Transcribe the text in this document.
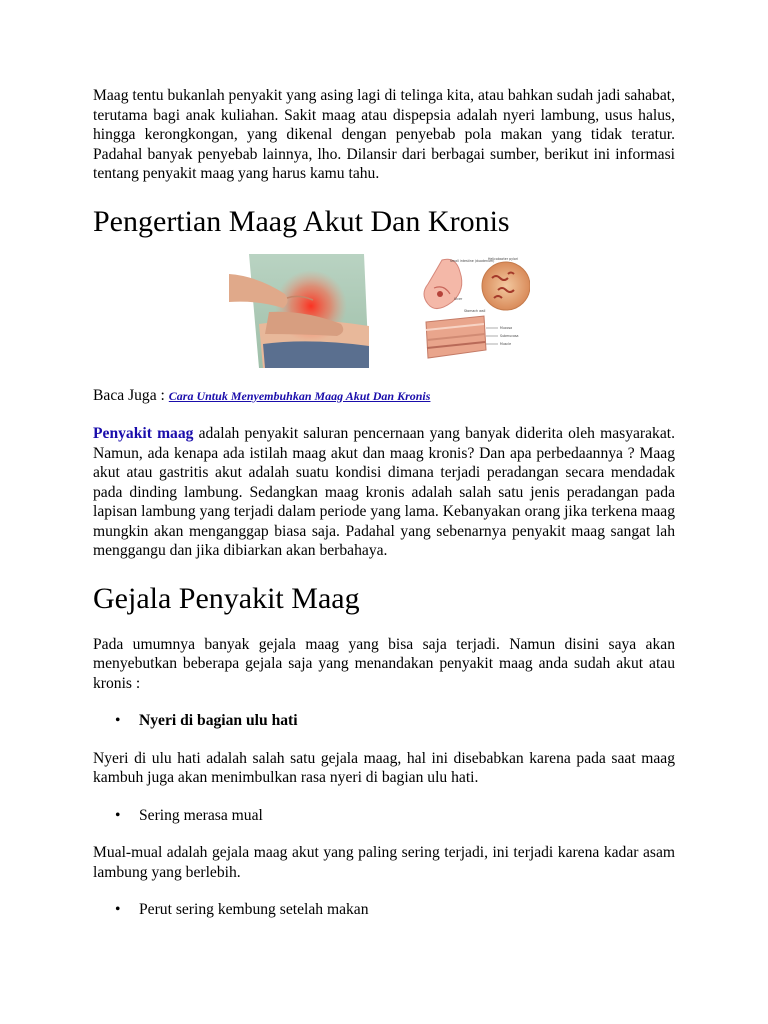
Maag tentu bukanlah penyakit yang asing lagi di telinga kita, atau bahkan sudah jadi sahabat, terutama bagi anak kuliahan. Sakit maag atau dispepsia adalah nyeri lambung, usus halus, hingga kerongkongan, yang dikenal dengan penyebab pola makan yang tidak teratur. Padahal banyak penyebab lainnya, lho. Dilansir dari berbagai sumber, berikut ini informasi tentang penyakit maag yang harus kamu tahu.

Pengertian Maag Akut Dan Kronis
Small intestine (duodenum)
Helicobacter pylori
Ulcer
Stomach wall
Mucosa
Submucosa
Muscle

Baca Juga : Cara Untuk Menyembuhkan Maag Akut Dan Kronis

Penyakit maag adalah penyakit saluran pencernaan yang banyak diderita oleh masyarakat. Namun, ada kenapa ada istilah maag akut dan maag kronis? Dan apa perbedaannya ? Maag akut atau gastritis akut adalah suatu kondisi dimana terjadi peradangan secara mendadak pada dinding lambung. Sedangkan maag kronis adalah salah satu jenis peradangan pada lapisan lambung yang terjadi dalam periode yang lama. Kebanyakan orang jika terkena maag mungkin akan menganggap biasa saja. Padahal yang sebenarnya penyakit maag sangat lah menggangu dan jika dibiarkan akan berbahaya.

Gejala Penyakit Maag

Pada umumnya banyak gejala maag yang bisa saja terjadi. Namun disini saya akan menyebutkan beberapa gejala saja yang menandakan penyakit maag anda sudah akut atau kronis :

• Nyeri di bagian ulu hati

Nyeri di ulu hati adalah salah satu gejala maag, hal ini disebabkan karena pada saat maag kambuh juga akan menimbulkan rasa nyeri di bagian ulu hati.

• Sering merasa mual

Mual-mual adalah gejala maag akut yang paling sering terjadi, ini terjadi karena kadar asam lambung yang berlebih.

• Perut sering kembung setelah makan
